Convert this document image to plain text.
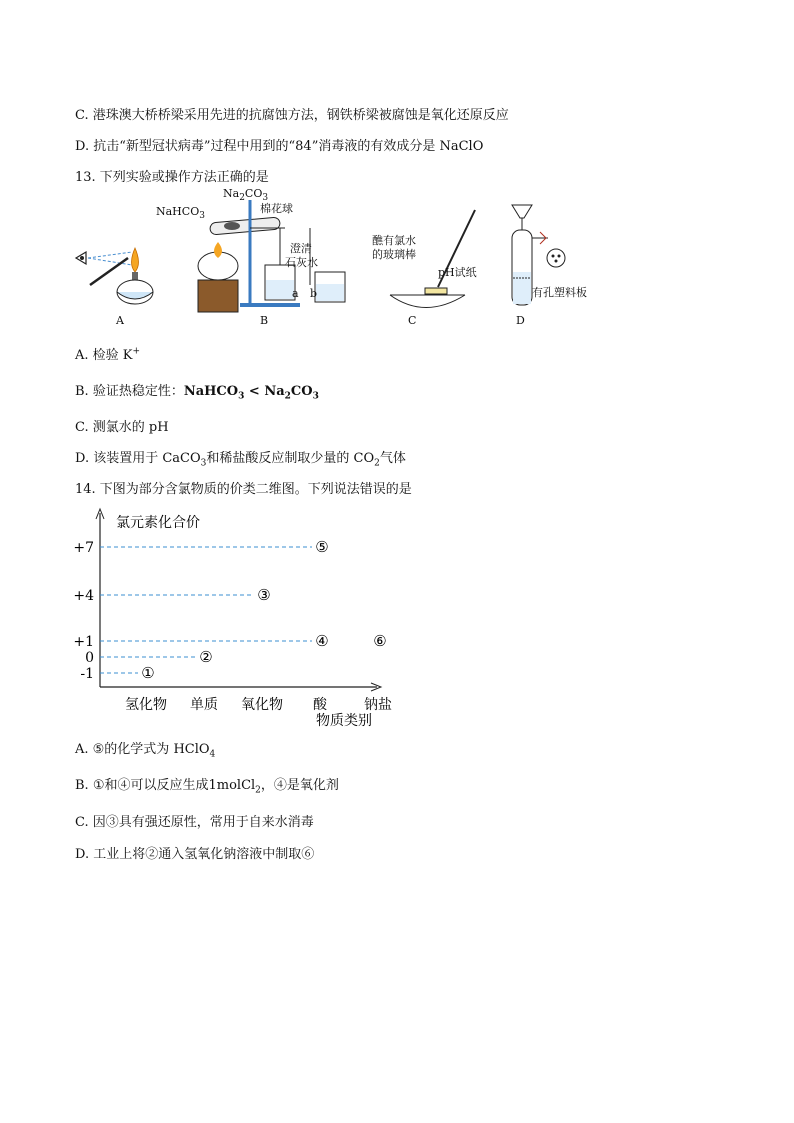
C. 港珠澳大桥桥梁采用先进的抗腐蚀方法，钢铁桥梁被腐蚀是氧化还原反应
D. 抗击“新型冠状病毒”过程中用到的“84”消毒液的有效成分是 NaClO
13. 下列实验或操作方法正确的是
A
$Na_2CO_3$
NaHCO$_3$
棉花球
澄清
石灰水
a b
B
醮有氯水
的玻璃棒
pH试纸
C
有孔塑料板
D
A. 检验 K+
B. 验证热稳定性：NaHCO$_3$ < $Na_2CO_3$
C. 测氯水的 pH
D. 该装置用于 CaCO$_3$和稀盐酸反应制取少量的 $CO_2$气体
14. 下图为部分含氯物质的价类二维图。下列说法错误的是
氯元素化合价
物质类别
+7
+4
+1
0
-1
氢化物 单质 氧化物 酸	钠盐
①
②
③
④
⑤
⑥
A. ⑤的化学式为 HClO$_4$
B. ①和④可以反应生成1molCl$_2$，④是氧化剂
C. 因③具有强还原性，常用于自来水消毒
D. 工业上将②通入氢氧化钠溶液中制取⑥
